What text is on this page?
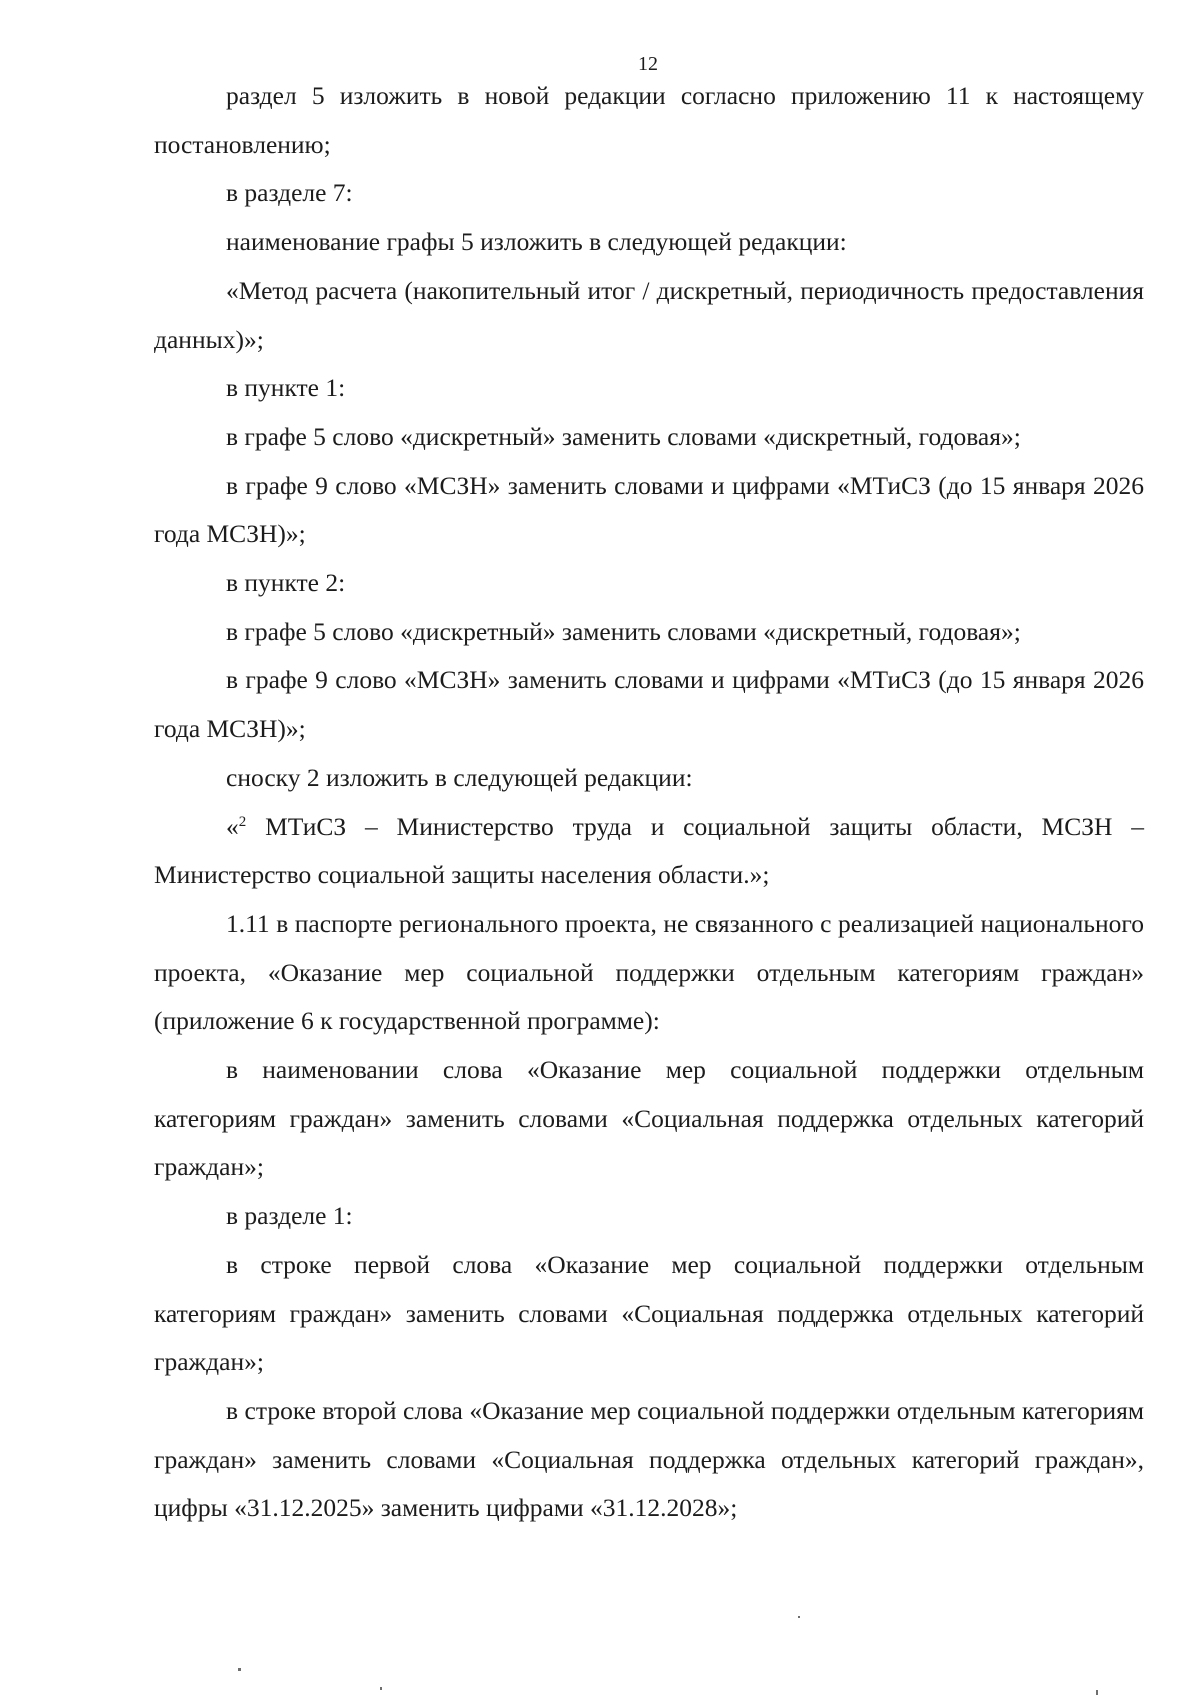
12

раздел 5 изложить в новой редакции согласно приложению 11 к настоящему постановлению;

в разделе 7:

наименование графы 5 изложить в следующей редакции:

«Метод расчета (накопительный итог / дискретный, периодичность предоставления данных)»;

в пункте 1:

в графе 5 слово «дискретный» заменить словами «дискретный, годовая»;

в графе 9 слово «МСЗН» заменить словами и цифрами «МТиСЗ (до 15 января 2026 года МСЗН)»;

в пункте 2:

в графе 5 слово «дискретный» заменить словами «дискретный, годовая»;

в графе 9 слово «МСЗН» заменить словами и цифрами «МТиСЗ (до 15 января 2026 года МСЗН)»;

сноску 2 изложить в следующей редакции:

«$^2$ МТиСЗ – Министерство труда и социальной защиты области, МСЗН – Министерство социальной защиты населения области.»;

1.11 в паспорте регионального проекта, не связанного с реализацией национального проекта, «Оказание мер социальной поддержки отдельным категориям граждан» (приложение 6 к государственной программе):

в наименовании слова «Оказание мер социальной поддержки отдельным категориям граждан» заменить словами «Социальная поддержка отдельных категорий граждан»;

в разделе 1:

в строке первой слова «Оказание мер социальной поддержки отдельным категориям граждан» заменить словами «Социальная поддержка отдельных категорий граждан»;

в строке второй слова «Оказание мер социальной поддержки отдельным категориям граждан» заменить словами «Социальная поддержка отдельных категорий граждан», цифры «31.12.2025» заменить цифрами «31.12.2028»;
